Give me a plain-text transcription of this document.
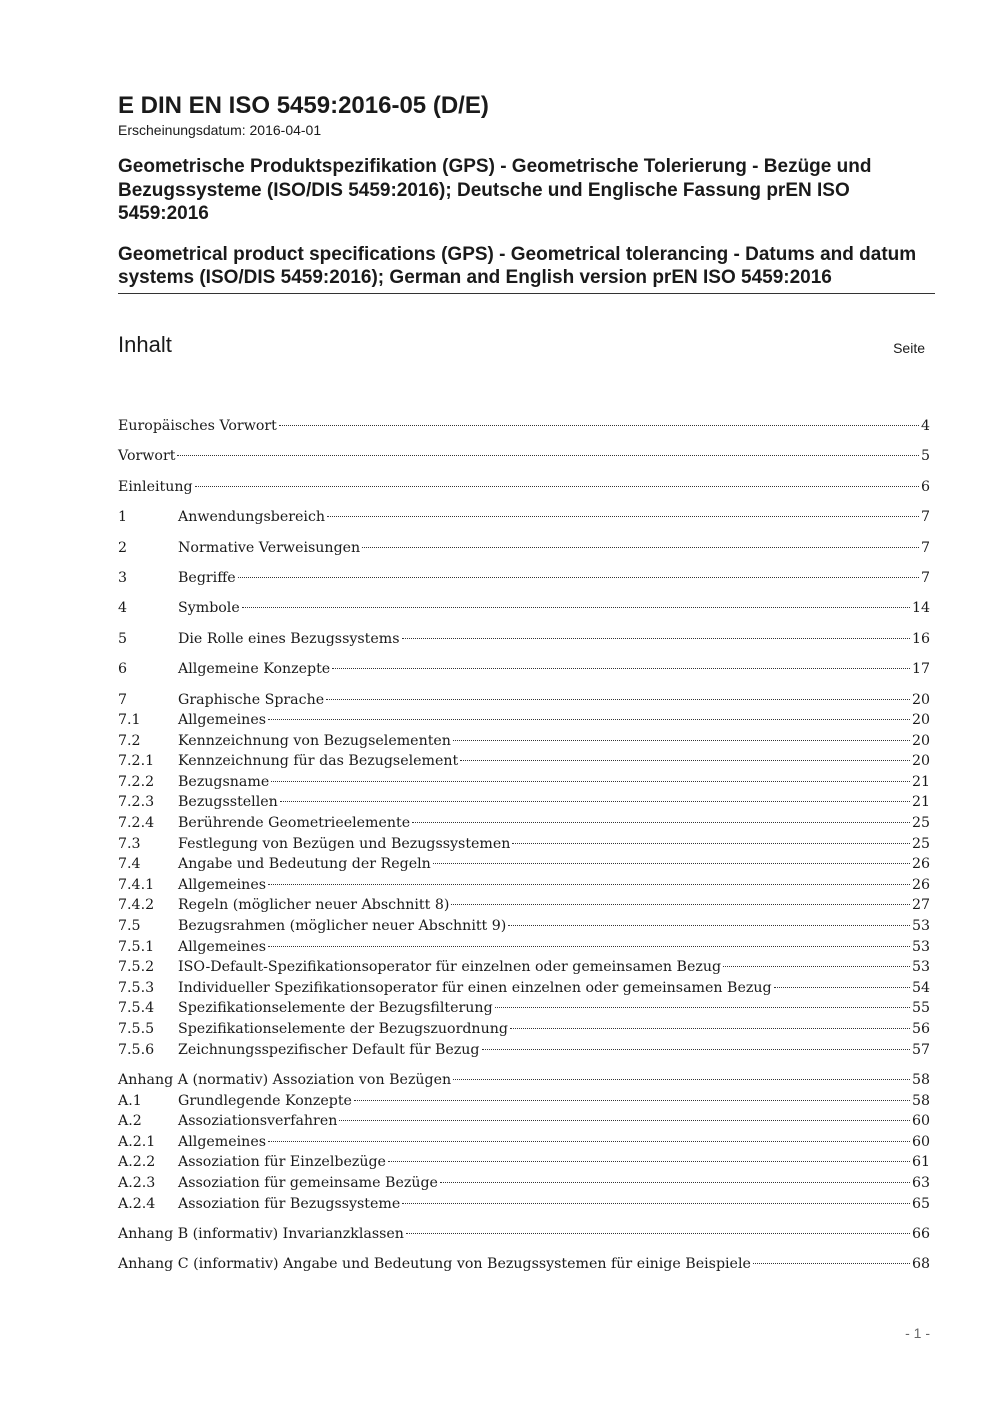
E DIN EN ISO 5459:2016-05 (D/E)
Erscheinungsdatum: 2016-04-01
Geometrische Produktspezifikation (GPS) - Geometrische Tolerierung - Bezüge und Bezugssysteme (ISO/DIS 5459:2016); Deutsche und Englische Fassung prEN ISO 5459:2016
Geometrical product specifications (GPS) - Geometrical tolerancing - Datums and datum systems (ISO/DIS 5459:2016); German and English version prEN ISO 5459:2016
Inhalt	Seite
Europäisches Vorwort	4
Vorwort	5
Einleitung	6
1	Anwendungsbereich	7
2	Normative Verweisungen	7
3	Begriffe	7
4	Symbole	14
5	Die Rolle eines Bezugssystems	16
6	Allgemeine Konzepte	17
7	Graphische Sprache	20
7.1	Allgemeines	20
7.2	Kennzeichnung von Bezugselementen	20
7.2.1	Kennzeichnung für das Bezugselement	20
7.2.2	Bezugsname	21
7.2.3	Bezugsstellen	21
7.2.4	Berührende Geometrieelemente	25
7.3	Festlegung von Bezügen und Bezugssystemen	25
7.4	Angabe und Bedeutung der Regeln	26
7.4.1	Allgemeines	26
7.4.2	Regeln (möglicher neuer Abschnitt 8)	27
7.5	Bezugsrahmen (möglicher neuer Abschnitt 9)	53
7.5.1	Allgemeines	53
7.5.2	ISO-Default-Spezifikationsoperator für einzelnen oder gemeinsamen Bezug	53
7.5.3	Individueller Spezifikationsoperator für einen einzelnen oder gemeinsamen Bezug	54
7.5.4	Spezifikationselemente der Bezugsfilterung	55
7.5.5	Spezifikationselemente der Bezugszuordnung	56
7.5.6	Zeichnungsspezifischer Default für Bezug	57
Anhang A (normativ) Assoziation von Bezügen	58
A.1	Grundlegende Konzepte	58
A.2	Assoziationsverfahren	60
A.2.1	Allgemeines	60
A.2.2	Assoziation für Einzelbezüge	61
A.2.3	Assoziation für gemeinsame Bezüge	63
A.2.4	Assoziation für Bezugssysteme	65
Anhang B (informativ) Invarianzklassen	66
Anhang C (informativ) Angabe und Bedeutung von Bezugssystemen für einige Beispiele	68
- 1 -
